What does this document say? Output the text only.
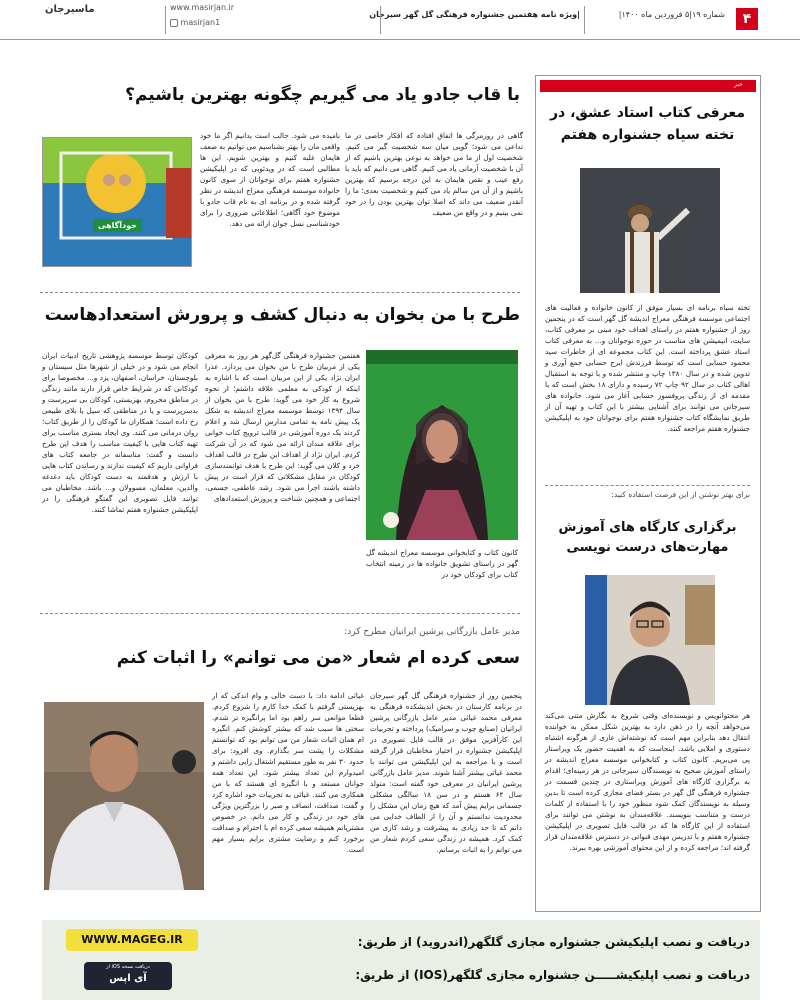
۴
شماره ۱۹|۵ فروردین ماه ۱۴۰۰|
|ویژه نامه هفتمین جشنواره فرهنگی گل گهر سیرجان
www.masirjan.ir
masirjan1
ماسیرجان
خبر
معرفی کتاب استاد عشق، در تخته سیاه جشنواره هفتم
تخته سیاه برنامه ای بسیار موفق از کانون خانواده و فعالیت های اجتماعی موسسه فرهنگی معراج اندیشه گل گهر است که در پنجمین روز از جشنواره هفتم در راستای اهداف خود مبنی بر معرفی کتاب، سایت، انیمیشن های مناسب در حوزه نوجوانان و... به معرفی کتاب استاد عشق پرداخته است. این کتاب مجموعه ای از خاطرات سید محمود حسابی است که توسط فرزندش ایرج حسابی جمع آوری و تدوین شده و در سال ۱۳۸۰ چاپ و منتشر شده و با توجه به استقبال اهالی کتاب در سال ۹۲ چاپ ۷۲ رسیده و دارای ۱۸ بخش است که با مقدمه ای از زندگی پروفسور حسابی آغاز می شود. خانواده های سیرجانی می توانند برای آشنایی بیشتر با این کتاب و تهیه آن از طریق نمایشگاه کتاب جشنواره هفتم برای نوجوانان خود به اپلیکیشن جشنواره هفتم مراجعه کنند.
برای بهتر نوشتن از این فرصت استفاده کنید:
برگزاری کارگاه های آموزش مهارت‌های درست نویسی
هر محتوانویس و نویسنده‌ای وقتی شروع به نگارش متنی می‌کند می‌خواهد آنچه را در ذهن دارد به بهترین شکل ممکن به خواننده انتقال دهد بنابراین مهم است که نوشته‌اش عاری از هرگونه اشتباه دستوری و املایی باشد. اینجاست که به اهمیت حضور یک ویراستار پی می‌بریم. کانون کتاب و کتابخوانی موسسه معراج اندیشه در راستای آموزش صحیح به نویسندگان سیرجانی در هر زمینه‌ای؛ اقدام به برگزاری کارگاه های آموزش ویراستاری در چندین قسمت در جشنواره فرهنگی گل گهر در بستر فضای مجازی کرده است تا بدین وسیله به نویسندگان کمک شود منظور خود را با استفاده از کلمات درست و متناسب بنویسند. علاقه‌مندان به نوشتن می توانند برای استفاده از این کارگاه ها که در قالب فایل تصویری در اپلیکیشن جشنواره هفتم و با تدریس مهدی قنواتی در دسترس علاقه‌مندان قرار گرفته اند؛ مراجعه کرده و از این محتوای آموزشی بهره ببرند.
با قاب جادو یاد می گیریم چگونه بهترین باشیم؟
گاهی در روزمرگی ها اتفاق افتاده که افکار خاصی در ما تداعی می شود؛ گویی میان سه شخصیت گیر می کنیم. شخصیت اول از ما می خواهد به نوعی بهترین باشیم که از آن با شخصیت آرمانی یاد می کنیم. گاهی می دانیم که باید با رفع عیب و نقص هایمان به این درجه برسیم که بهترین باشیم و از آن من سالم یاد می کنیم و شخصیت بعدی؛ ما را آنقدر ضعیف می داند که اصلا توان بهترین بودن را در خود نمی بینیم و در واقع من ضعیف
نامیده می شود. جالب است بدانیم اگر ما خود واقعی مان را بهتر بشناسیم می توانیم به ضعف هایمان غلبه کنیم و بهترین شویم. این ها مطالبی است که در ویدئویی که در اپلیکیشن جشنواره هفتم برای نوجوانان از سوی کانون خانواده موسسه فرهنگی معراج اندیشه در نظر گرفته شده و در برنامه ای به نام قاب جادو با موضوع خود آگاهی؛ اطلاعاتی ضروری را برای خودشناسی نسل جوان ارائه می دهد.
خودآگاهی
طرح با من بخوان به دنبال کشف و پرورش استعدادهاست
کانون کتاب و کتابخوانی موسسه معراج اندیشه گل گهر در راستای تشویق خانواده ها در زمینه انتخاب کتاب برای کودکان خود در
هفتمین جشنواره فرهنگی گل‌گهر هر روز به معرفی یکی از مربیان طرح با من بخوان می پردازد. عذرا ایران نژاد یکی از این مربیان است که با اشاره به اینکه از کودکی به معلمی علاقه داشتم؛ از نحوه شروع به کار خود می گوید: طرح با من بخوان از سال ۱۳۹۴ توسط موسسه معراج اندیشه به شکل یک پیش نامه به تمامی مدارس ارسال شد و اعلام کردند یک دوره آموزشی در قالب ترویج کتاب خوانی برای علاقه مندان ارائه می شود که در آن شرکت کردم. ایران نژاد از اهداف این طرح در قالب اهداف خرد و کلان می گوید: این طرح با هدف توانمندسازی کودکان در مقابل مشکلاتی که قرار است در پیش داشته باشند اجرا می شود. رشد عاطفی، جسمی، اجتماعی و همچنین شناخت و پرورش استعدادهای
کودکان توسط موسسه پژوهشی تاریخ ادبیات ایران انجام می شود و در خیلی از شهرها مثل سیستان و بلوچستان، خراسان، اصفهان، یزد و... مخصوصا برای کودکانی که در شرایط خاص قرار دارند مانند زندگی در مناطق محروم، بهزیستی، کودکان بی سرپرست و بدسرپرست و یا در مناطقی که سیل یا بلای طبیعی رخ داده است؛ همکاران ما کودکان را از طریق کتاب؛ روان درمانی می کنند. وی ایجاد بستری مناسب برای تهیه کتاب هایی با کیفیت مناسب را هدف این طرح دانست و گفت: متاسفانه در جامعه کتاب های فراوانی داریم که کیفیت ندارند و رساندن کتاب هایی با ارزش و هدفمند به دست کودکان باید دغدغه والدین، معلمان، مسوولان و... باشد. مخاطبان می توانند فایل تصویری این گفتگو فرهنگی را در اپلیکیشن جشنواره هفتم تماشا کنند.
مدیر عامل بازرگانی پرشین ایرانیان مطرح کرد:
سعی کرده ام شعار «من می توانم» را اثبات کنم
پنجمین روز از جشنواره فرهنگی گل گهر سیرجان در برنامه کارستان در بخش اندیشکده فرهنگی به معرفی محمد غیاثی مدیر عامل بازرگانی پرشین ایرانیان (صنایع چوب و سرامیک) پرداخته و تجربیات این کارآفرین موفق در قالب فایل تصویری در اپلیکیشن جشنواره در اختیار مخاطبان قرار گرفته است و با مراجعه به این اپلیکیشن می توانند با محمد غیاثی بیشتر آشنا شوند. مدیر عامل بازرگانی پرشین ایرانیان در معرفی خود گفته است: متولد سال ۶۴ هستم و در سن ۱۸ سالگی مشکلی جسمانی برایم پیش آمد که هیچ زمان این مشکل را محدودیت ندانستم و آن را از الطاف خدایی می دانم که تا حد زیادی به پیشرفت و رشد کاری من کمک کرد. همیشه در زندگی سعی کردم شعار من می توانم را به اثبات برسانم.
غیاثی ادامه داد: با دست خالی و وام اندکی که از بهزیستی گرفتم با کمک خدا کارم را شروع کردم. قطعا موانعی سر راهم بود اما پرانگیزه تر شدم. سختی ها سبب شد که بیشتر کوشش کنم. انگیزه ام همان اثبات شعار من می توانم بود که توانستم مشکلات را پشت سر بگذارم. وی افزود: برای حدود ۳۰ نفر به طور مستقیم اشتغال زایی داشتم و امیدوارم این تعداد بیشتر شود. این تعداد همه جوانان مستعد و با انگیزه ای هستند که با من همکاری می کنند. غیاثی به تجربیات خود اشاره کرد و گفت: صداقت، انصاف و صبر را بزرگترین ویژگی های خود در زندگی و کار می دانم. در خصوص مشتریانم همیشه سعی کرده ام با احترام و صداقت برخورد کنم و رضایت مشتری برایم بسیار مهم است.
دریافت و نصب اپلیکیشن جشنواره مجازی گلگهر(اندروید) از طریق:
دریافت و نصب اپلیکیشـــــن جشنواره مجازی گلگهر(IOS) از طریق:
WWW.MAGEG.IR
دریافت نسخه iOS از
آی اپس
